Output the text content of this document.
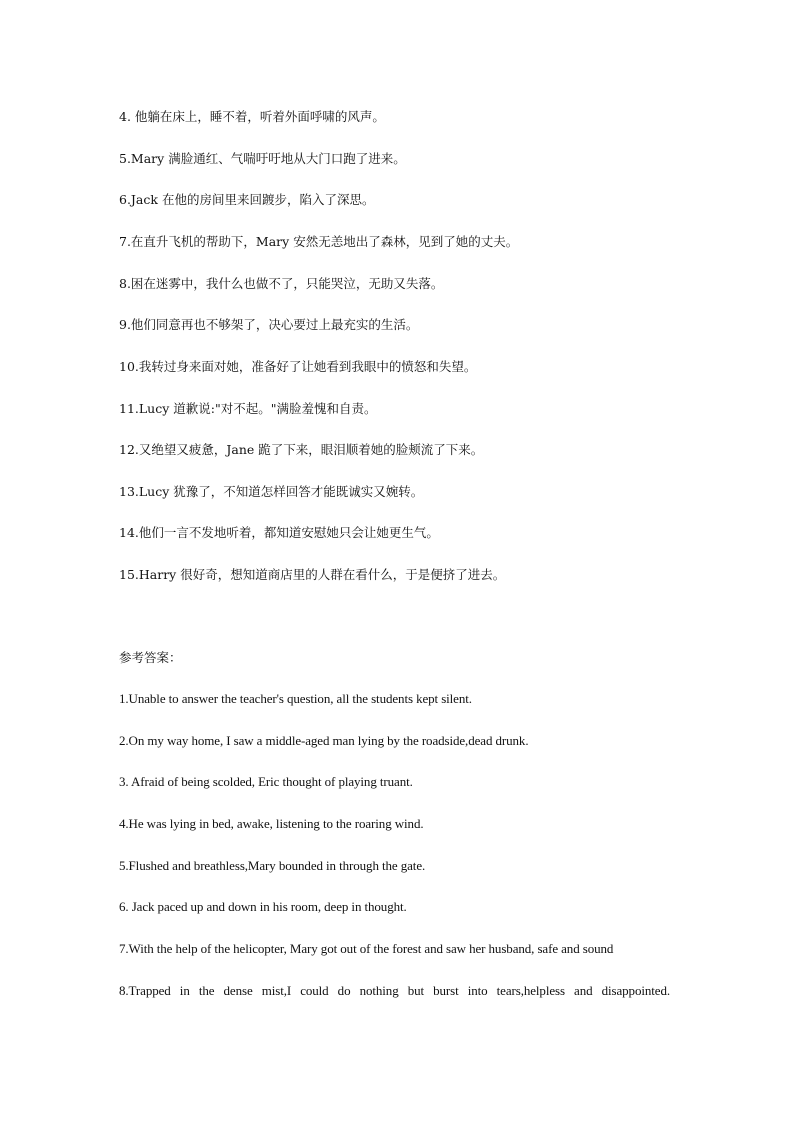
4. 他躺在床上，睡不着，听着外面呼啸的风声。
5.Mary 满脸通红、气喘吁吁地从大门口跑了进来。
6.Jack 在他的房间里来回踱步，陷入了深思。
7.在直升飞机的帮助下，Mary 安然无恙地出了森林，见到了她的丈夫。
8.困在迷雾中，我什么也做不了，只能哭泣，无助又失落。
9.他们同意再也不够架了，决心要过上最充实的生活。
10.我转过身来面对她，准备好了让她看到我眼中的愤怒和失望。
11.Lucy 道歉说:"对不起。"满脸羞愧和自责。
12.又绝望又疲惫，Jane 跪了下来，眼泪顺着她的脸颊流了下来。
13.Lucy 犹豫了，不知道怎样回答才能既诚实又婉转。
14.他们一言不发地听着，都知道安慰她只会让她更生气。
15.Harry 很好奇，想知道商店里的人群在看什么，于是便挤了进去。
参考答案：
1.Unable to answer the teacher's question, all the students kept silent.
2.On my way home, I saw a middle-aged man lying by the roadside,dead drunk.
3. Afraid of being scolded, Eric thought of playing truant.
4.He was lying in bed, awake, listening to the roaring wind.
5.Flushed and breathless,Mary bounded in through the gate.
6. Jack paced up and down in his room, deep in thought.
7.With the help of the helicopter, Mary got out of the forest and saw her husband, safe and sound
8.Trapped in the dense mist,I could do nothing but burst into tears,helpless and disappointed.
